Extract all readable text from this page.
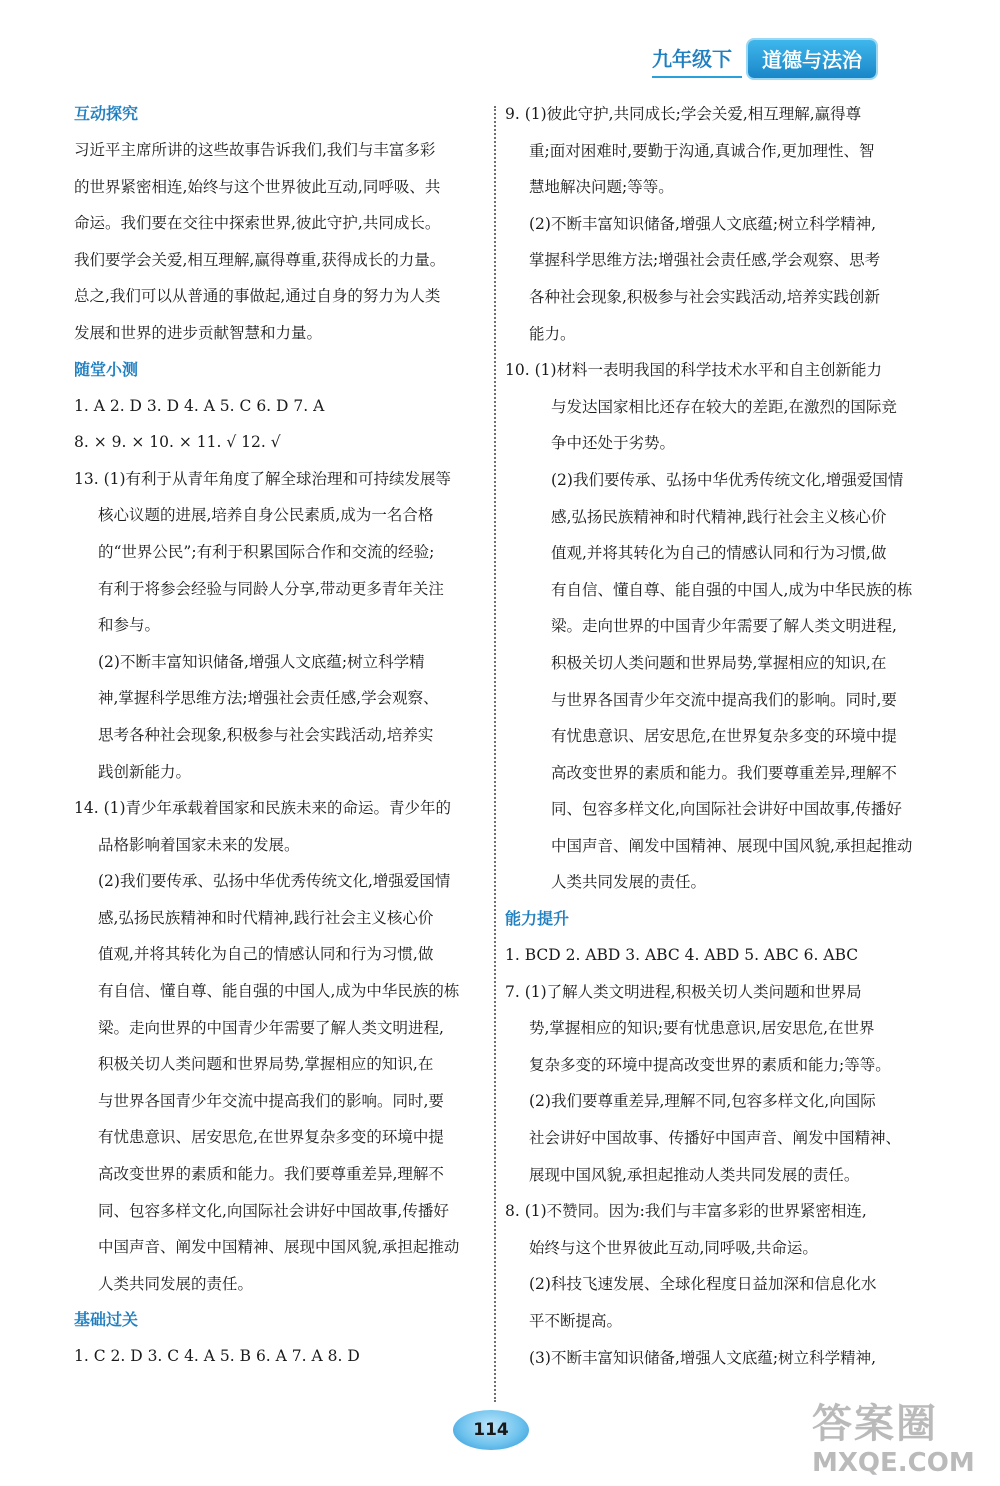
九年级下	道德与法治
互动探究
习近平主席所讲的这些故事告诉我们,我们与丰富多彩
的世界紧密相连,始终与这个世界彼此互动,同呼吸、共
命运。我们要在交往中探索世界,彼此守护,共同成长。
我们要学会关爱,相互理解,赢得尊重,获得成长的力量。
总之,我们可以从普通的事做起,通过自身的努力为人类
发展和世界的进步贡献智慧和力量。
随堂小测
1. A 2. D 3. D 4. A 5. C 6. D 7. A
8. × 9. × 10. × 11. √ 12. √
13. (1)有利于从青年角度了解全球治理和可持续发展等
核心议题的进展,培养自身公民素质,成为一名合格
的“世界公民”;有利于积累国际合作和交流的经验;
有利于将参会经验与同龄人分享,带动更多青年关注
和参与。
(2)不断丰富知识储备,增强人文底蕴;树立科学精
神,掌握科学思维方法;增强社会责任感,学会观察、
思考各种社会现象,积极参与社会实践活动,培养实
践创新能力。
14. (1)青少年承载着国家和民族未来的命运。青少年的
品格影响着国家未来的发展。
(2)我们要传承、弘扬中华优秀传统文化,增强爱国情
感,弘扬民族精神和时代精神,践行社会主义核心价
值观,并将其转化为自己的情感认同和行为习惯,做
有自信、懂自尊、能自强的中国人,成为中华民族的栋
梁。走向世界的中国青少年需要了解人类文明进程,
积极关切人类问题和世界局势,掌握相应的知识,在
与世界各国青少年交流中提高我们的影响。同时,要
有忧患意识、居安思危,在世界复杂多变的环境中提
高改变世界的素质和能力。我们要尊重差异,理解不
同、包容多样文化,向国际社会讲好中国故事,传播好
中国声音、阐发中国精神、展现中国风貌,承担起推动
人类共同发展的责任。
基础过关
1. C 2. D 3. C 4. A 5. B 6. A 7. A 8. D
9. (1)彼此守护,共同成长;学会关爱,相互理解,赢得尊
重;面对困难时,要勤于沟通,真诚合作,更加理性、智
慧地解决问题;等等。
(2)不断丰富知识储备,增强人文底蕴;树立科学精神,
掌握科学思维方法;增强社会责任感,学会观察、思考
各种社会现象,积极参与社会实践活动,培养实践创新
能力。
10. (1)材料一表明我国的科学技术水平和自主创新能力
与发达国家相比还存在较大的差距,在激烈的国际竞
争中还处于劣势。
(2)我们要传承、弘扬中华优秀传统文化,增强爱国情
感,弘扬民族精神和时代精神,践行社会主义核心价
值观,并将其转化为自己的情感认同和行为习惯,做
有自信、懂自尊、能自强的中国人,成为中华民族的栋
梁。走向世界的中国青少年需要了解人类文明进程,
积极关切人类问题和世界局势,掌握相应的知识,在
与世界各国青少年交流中提高我们的影响。同时,要
有忧患意识、居安思危,在世界复杂多变的环境中提
高改变世界的素质和能力。我们要尊重差异,理解不
同、包容多样文化,向国际社会讲好中国故事,传播好
中国声音、阐发中国精神、展现中国风貌,承担起推动
人类共同发展的责任。
能力提升
1. BCD 2. ABD 3. ABC 4. ABD 5. ABC 6. ABC
7. (1)了解人类文明进程,积极关切人类问题和世界局
势,掌握相应的知识;要有忧患意识,居安思危,在世界
复杂多变的环境中提高改变世界的素质和能力;等等。
(2)我们要尊重差异,理解不同,包容多样文化,向国际
社会讲好中国故事、传播好中国声音、阐发中国精神、
展现中国风貌,承担起推动人类共同发展的责任。
8. (1)不赞同。因为:我们与丰富多彩的世界紧密相连,
始终与这个世界彼此互动,同呼吸,共命运。
(2)科技飞速发展、全球化程度日益加深和信息化水
平不断提高。
(3)不断丰富知识储备,增强人文底蕴;树立科学精神,
114	答案圈
MXQE.COM
